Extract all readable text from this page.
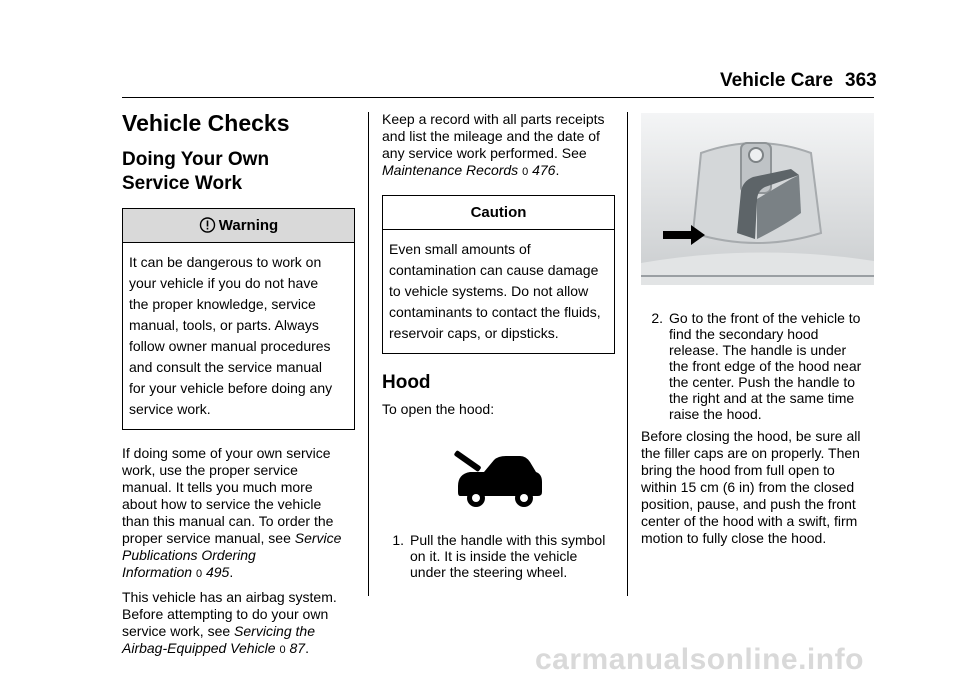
Vehicle Care 363
Vehicle Checks
Doing Your Own
Service Work
Warning
It can be dangerous to work on
your vehicle if you do not have
the proper knowledge, service
manual, tools, or parts. Always
follow owner manual procedures
and consult the service manual
for your vehicle before doing any
service work.

If doing some of your own service
work, use the proper service
manual. It tells you much more
about how to service the vehicle
than this manual can. To order the
proper service manual, see Service
Publications Ordering
Information 0 495.

This vehicle has an airbag system.
Before attempting to do your own
service work, see Servicing the
Airbag-Equipped Vehicle 0 87.

Keep a record with all parts receipts
and list the mileage and the date of
any service work performed. See
Maintenance Records 0 476.

Caution
Even small amounts of
contamination can cause damage
to vehicle systems. Do not allow
contaminants to contact the fluids,
reservoir caps, or dipsticks.
Hood

To open the hood:

1. Pull the handle with this symbol
on it. It is inside the vehicle
under the steering wheel.
2. Go to the front of the vehicle to
find the secondary hood
release. The handle is under
the front edge of the hood near
the center. Push the handle to
the right and at the same time
raise the hood.
Before closing the hood, be sure all
the filler caps are on properly. Then
bring the hood from full open to
within 15 cm (6 in) from the closed
position, pause, and push the front
center of the hood with a swift, firm
motion to fully close the hood.
carmanualsonline.info
